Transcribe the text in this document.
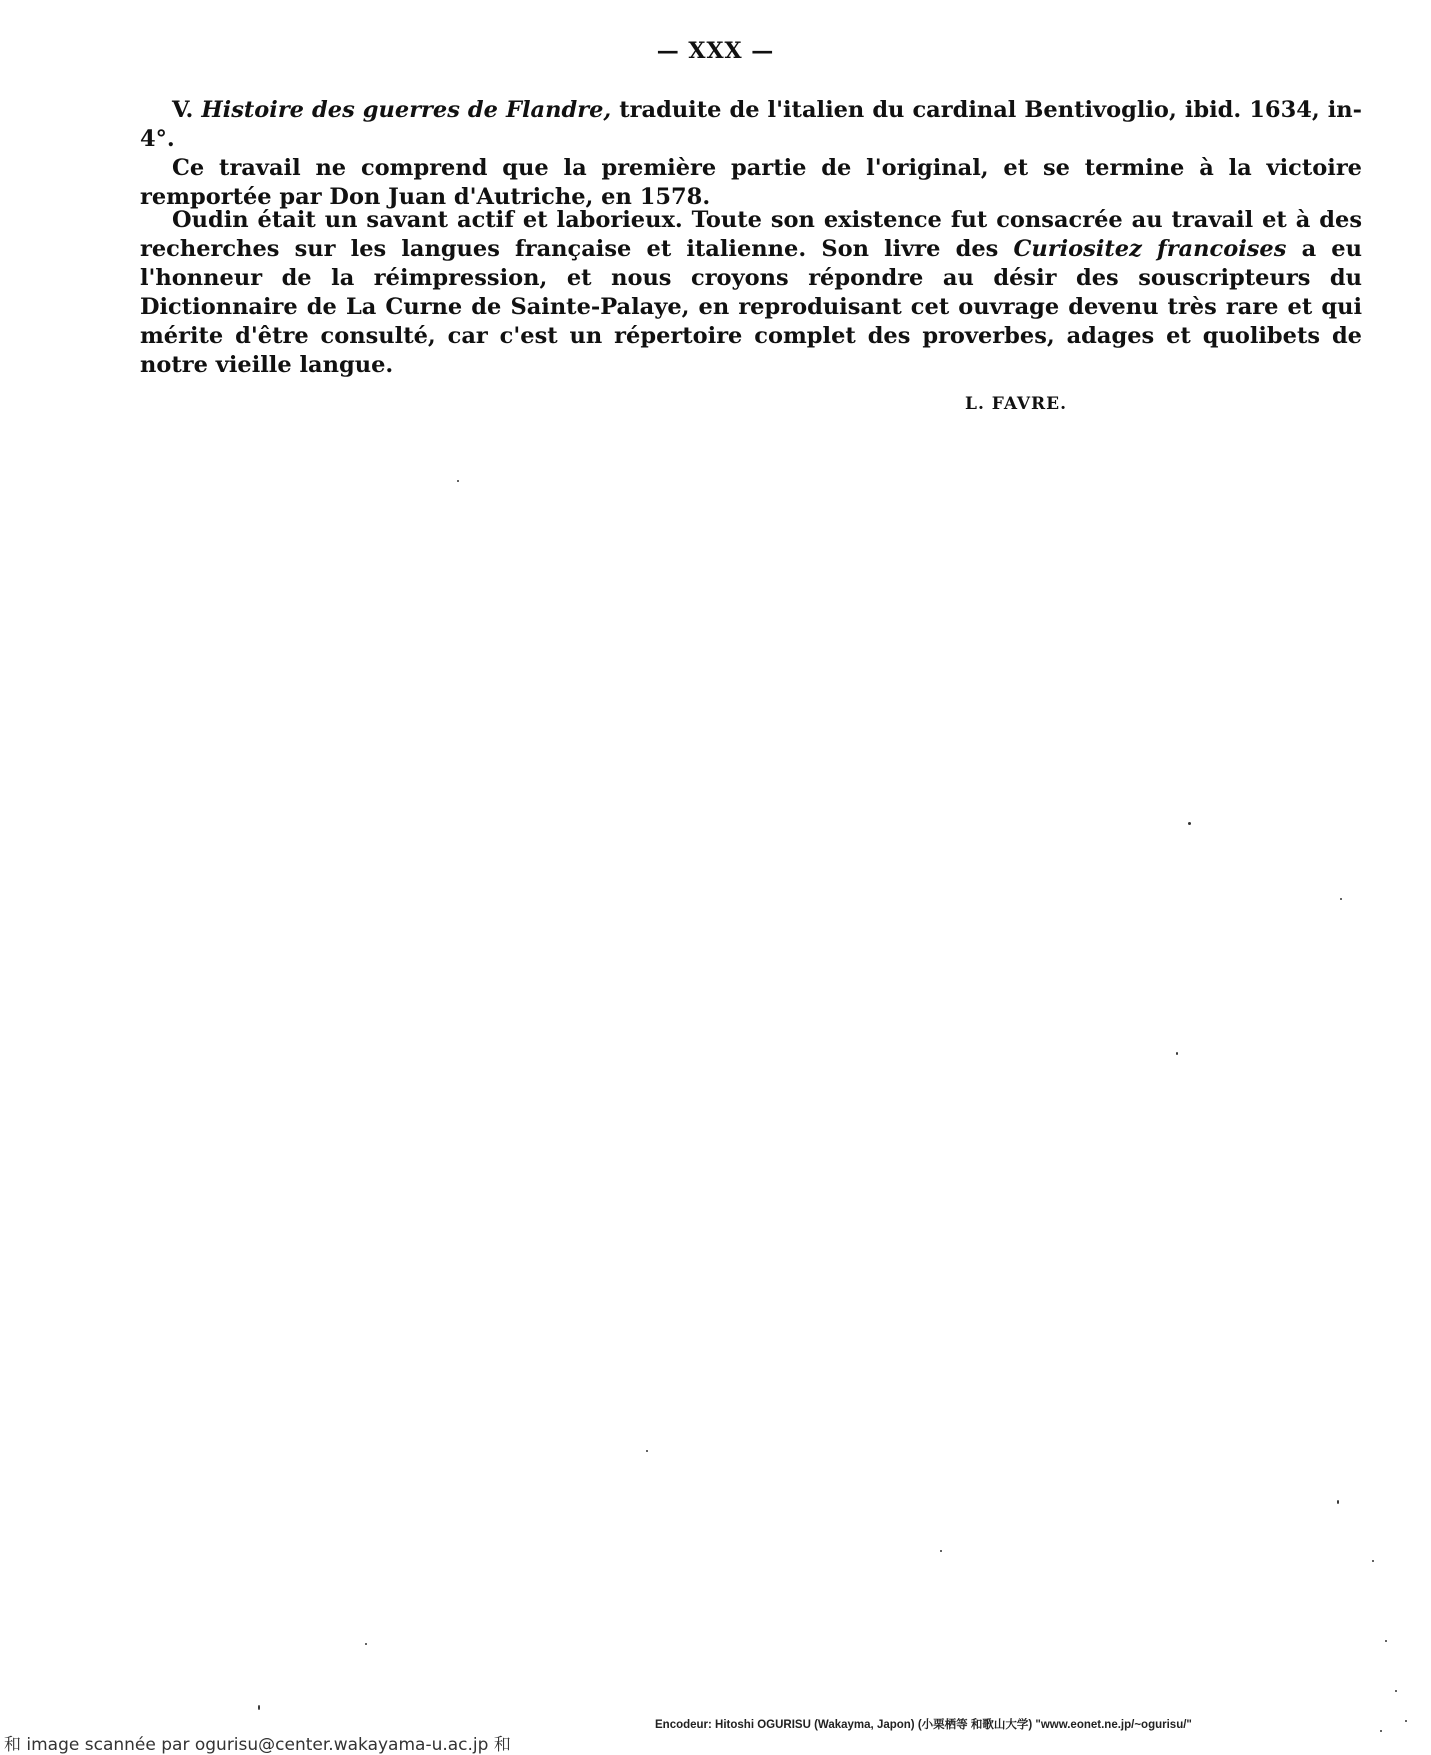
— XXX —

V. Histoire des guerres de Flandre, traduite de l'italien du cardinal Bentivoglio, ibid. 1634, in-4°.

Ce travail ne comprend que la première partie de l'original, et se termine à la victoire remportée par Don Juan d'Autriche, en 1578.

Oudin était un savant actif et laborieux. Toute son existence fut consacrée au travail et à des recherches sur les langues française et italienne. Son livre des Curiositez francoises a eu l'honneur de la réimpression, et nous croyons répondre au désir des souscripteurs du Dictionnaire de La Curne de Sainte-Palaye, en reproduisant cet ouvrage devenu très rare et qui mérite d'être consulté, car c'est un répertoire complet des proverbes, adages et quolibets de notre vieille langue.

L. FAVRE.
Encodeur: Hitoshi OGURISU (Wakayma, Japon) (小栗栖等 和歌山大学) "www.eonet.ne.jp/~ogurisu/"
和 image scannée par ogurisu@center.wakayama-u.ac.jp 和
